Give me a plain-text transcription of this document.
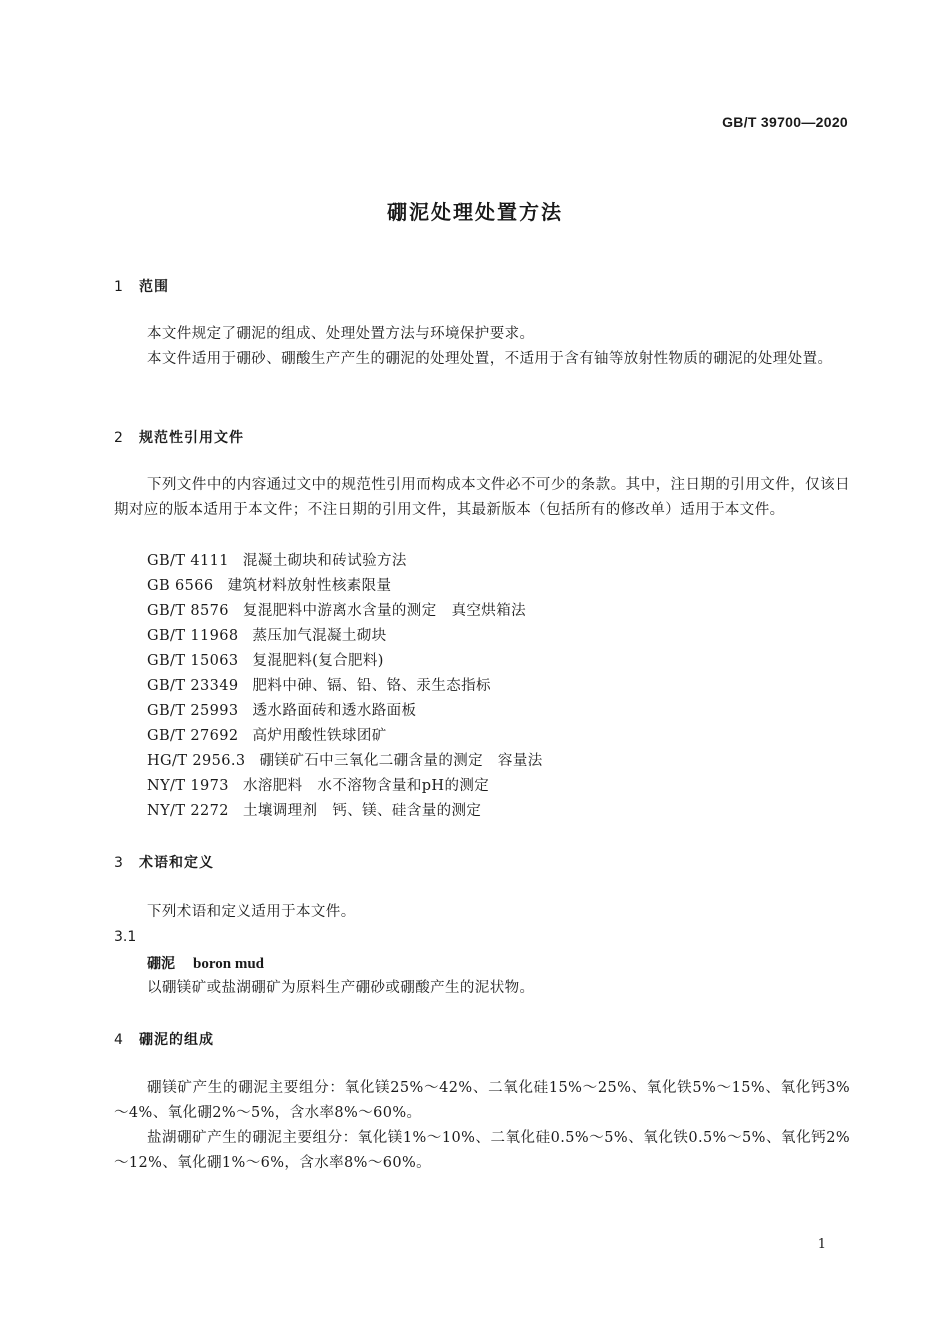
GB/T 39700—2020
硼泥处理处置方法
1 范围
本文件规定了硼泥的组成、处理处置方法与环境保护要求。
本文件适用于硼砂、硼酸生产产生的硼泥的处理处置，不适用于含有铀等放射性物质的硼泥的处理处置。
2 规范性引用文件
下列文件中的内容通过文中的规范性引用而构成本文件必不可少的条款。其中，注日期的引用文件，仅该日期对应的版本适用于本文件；不注日期的引用文件，其最新版本（包括所有的修改单）适用于本文件。
GB/T 4111 混凝土砌块和砖试验方法
GB 6566 建筑材料放射性核素限量
GB/T 8576 复混肥料中游离水含量的测定　真空烘箱法
GB/T 11968 蒸压加气混凝土砌块
GB/T 15063 复混肥料(复合肥料)
GB/T 23349 肥料中砷、镉、铅、铬、汞生态指标
GB/T 25993 透水路面砖和透水路面板
GB/T 27692 高炉用酸性铁球团矿
HG/T 2956.3 硼镁矿石中三氧化二硼含量的测定　容量法
NY/T 1973 水溶肥料　水不溶物含量和pH的测定
NY/T 2272 土壤调理剂　钙、镁、硅含量的测定
3 术语和定义
下列术语和定义适用于本文件。
3.1
硼泥 boron mud
以硼镁矿或盐湖硼矿为原料生产硼砂或硼酸产生的泥状物。
4 硼泥的组成
硼镁矿产生的硼泥主要组分：氧化镁25%～42%、二氧化硅15%～25%、氧化铁5%～15%、氧化钙3%～4%、氧化硼2%～5%，含水率8%～60%。
盐湖硼矿产生的硼泥主要组分：氧化镁1%～10%、二氧化硅0.5%～5%、氧化铁0.5%～5%、氧化钙2%～12%、氧化硼1%～6%，含水率8%～60%。
1
